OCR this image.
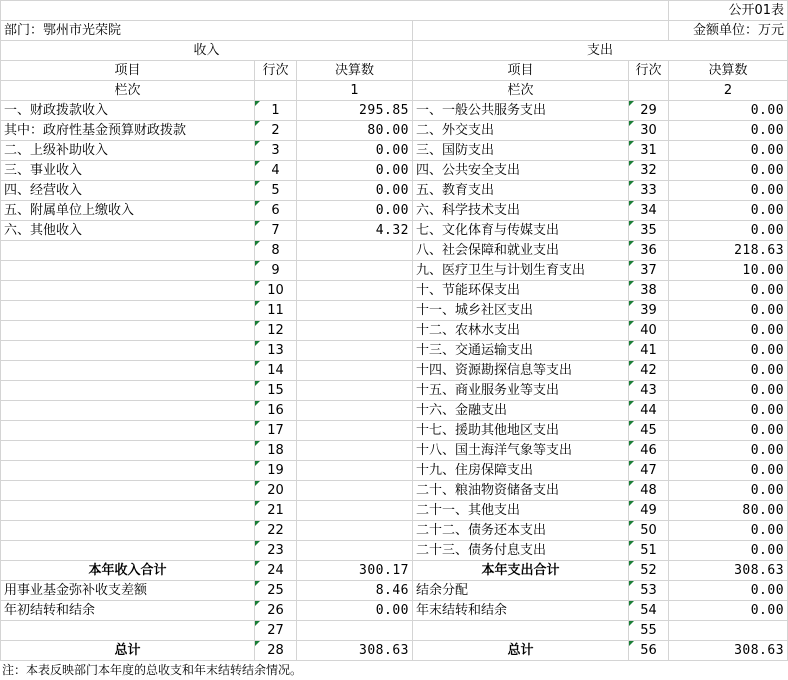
					公开01表
部门：鄂州市光荣院					金额单位：万元
收入			支出		
项目	行次	决算数	项目	行次	决算数
栏次		1	栏次		2
一、财政拨款收入	1	295.85	一、一般公共服务支出	29	0.00
其中：政府性基金预算财政拨款	2	80.00	二、外交支出	30	0.00
二、上级补助收入	3	0.00	三、国防支出	31	0.00
三、事业收入	4	0.00	四、公共安全支出	32	0.00
四、经营收入	5	0.00	五、教育支出	33	0.00
五、附属单位上缴收入	6	0.00	六、科学技术支出	34	0.00
六、其他收入	7	4.32	七、文化体育与传媒支出	35	0.00
	8		八、社会保障和就业支出	36	218.63
	9		九、医疗卫生与计划生育支出	37	10.00
	10		十、节能环保支出	38	0.00
	11		十一、城乡社区支出	39	0.00
	12		十二、农林水支出	40	0.00
	13		十三、交通运输支出	41	0.00
	14		十四、资源勘探信息等支出	42	0.00
	15		十五、商业服务业等支出	43	0.00
	16		十六、金融支出	44	0.00
	17		十七、援助其他地区支出	45	0.00
	18		十八、国土海洋气象等支出	46	0.00
	19		十九、住房保障支出	47	0.00
	20		二十、粮油物资储备支出	48	0.00
	21		二十一、其他支出	49	80.00
	22		二十二、债务还本支出	50	0.00
	23		二十三、债务付息支出	51	0.00
本年收入合计	24	300.17	本年支出合计	52	308.63
用事业基金弥补收支差额	25	8.46	结余分配	53	0.00
年初结转和结余	26	0.00	年末结转和结余	54	0.00
	27			55	
总计	28	308.63	总计	56	308.63
注：本表反映部门本年度的总收支和年末结转结余情况。
